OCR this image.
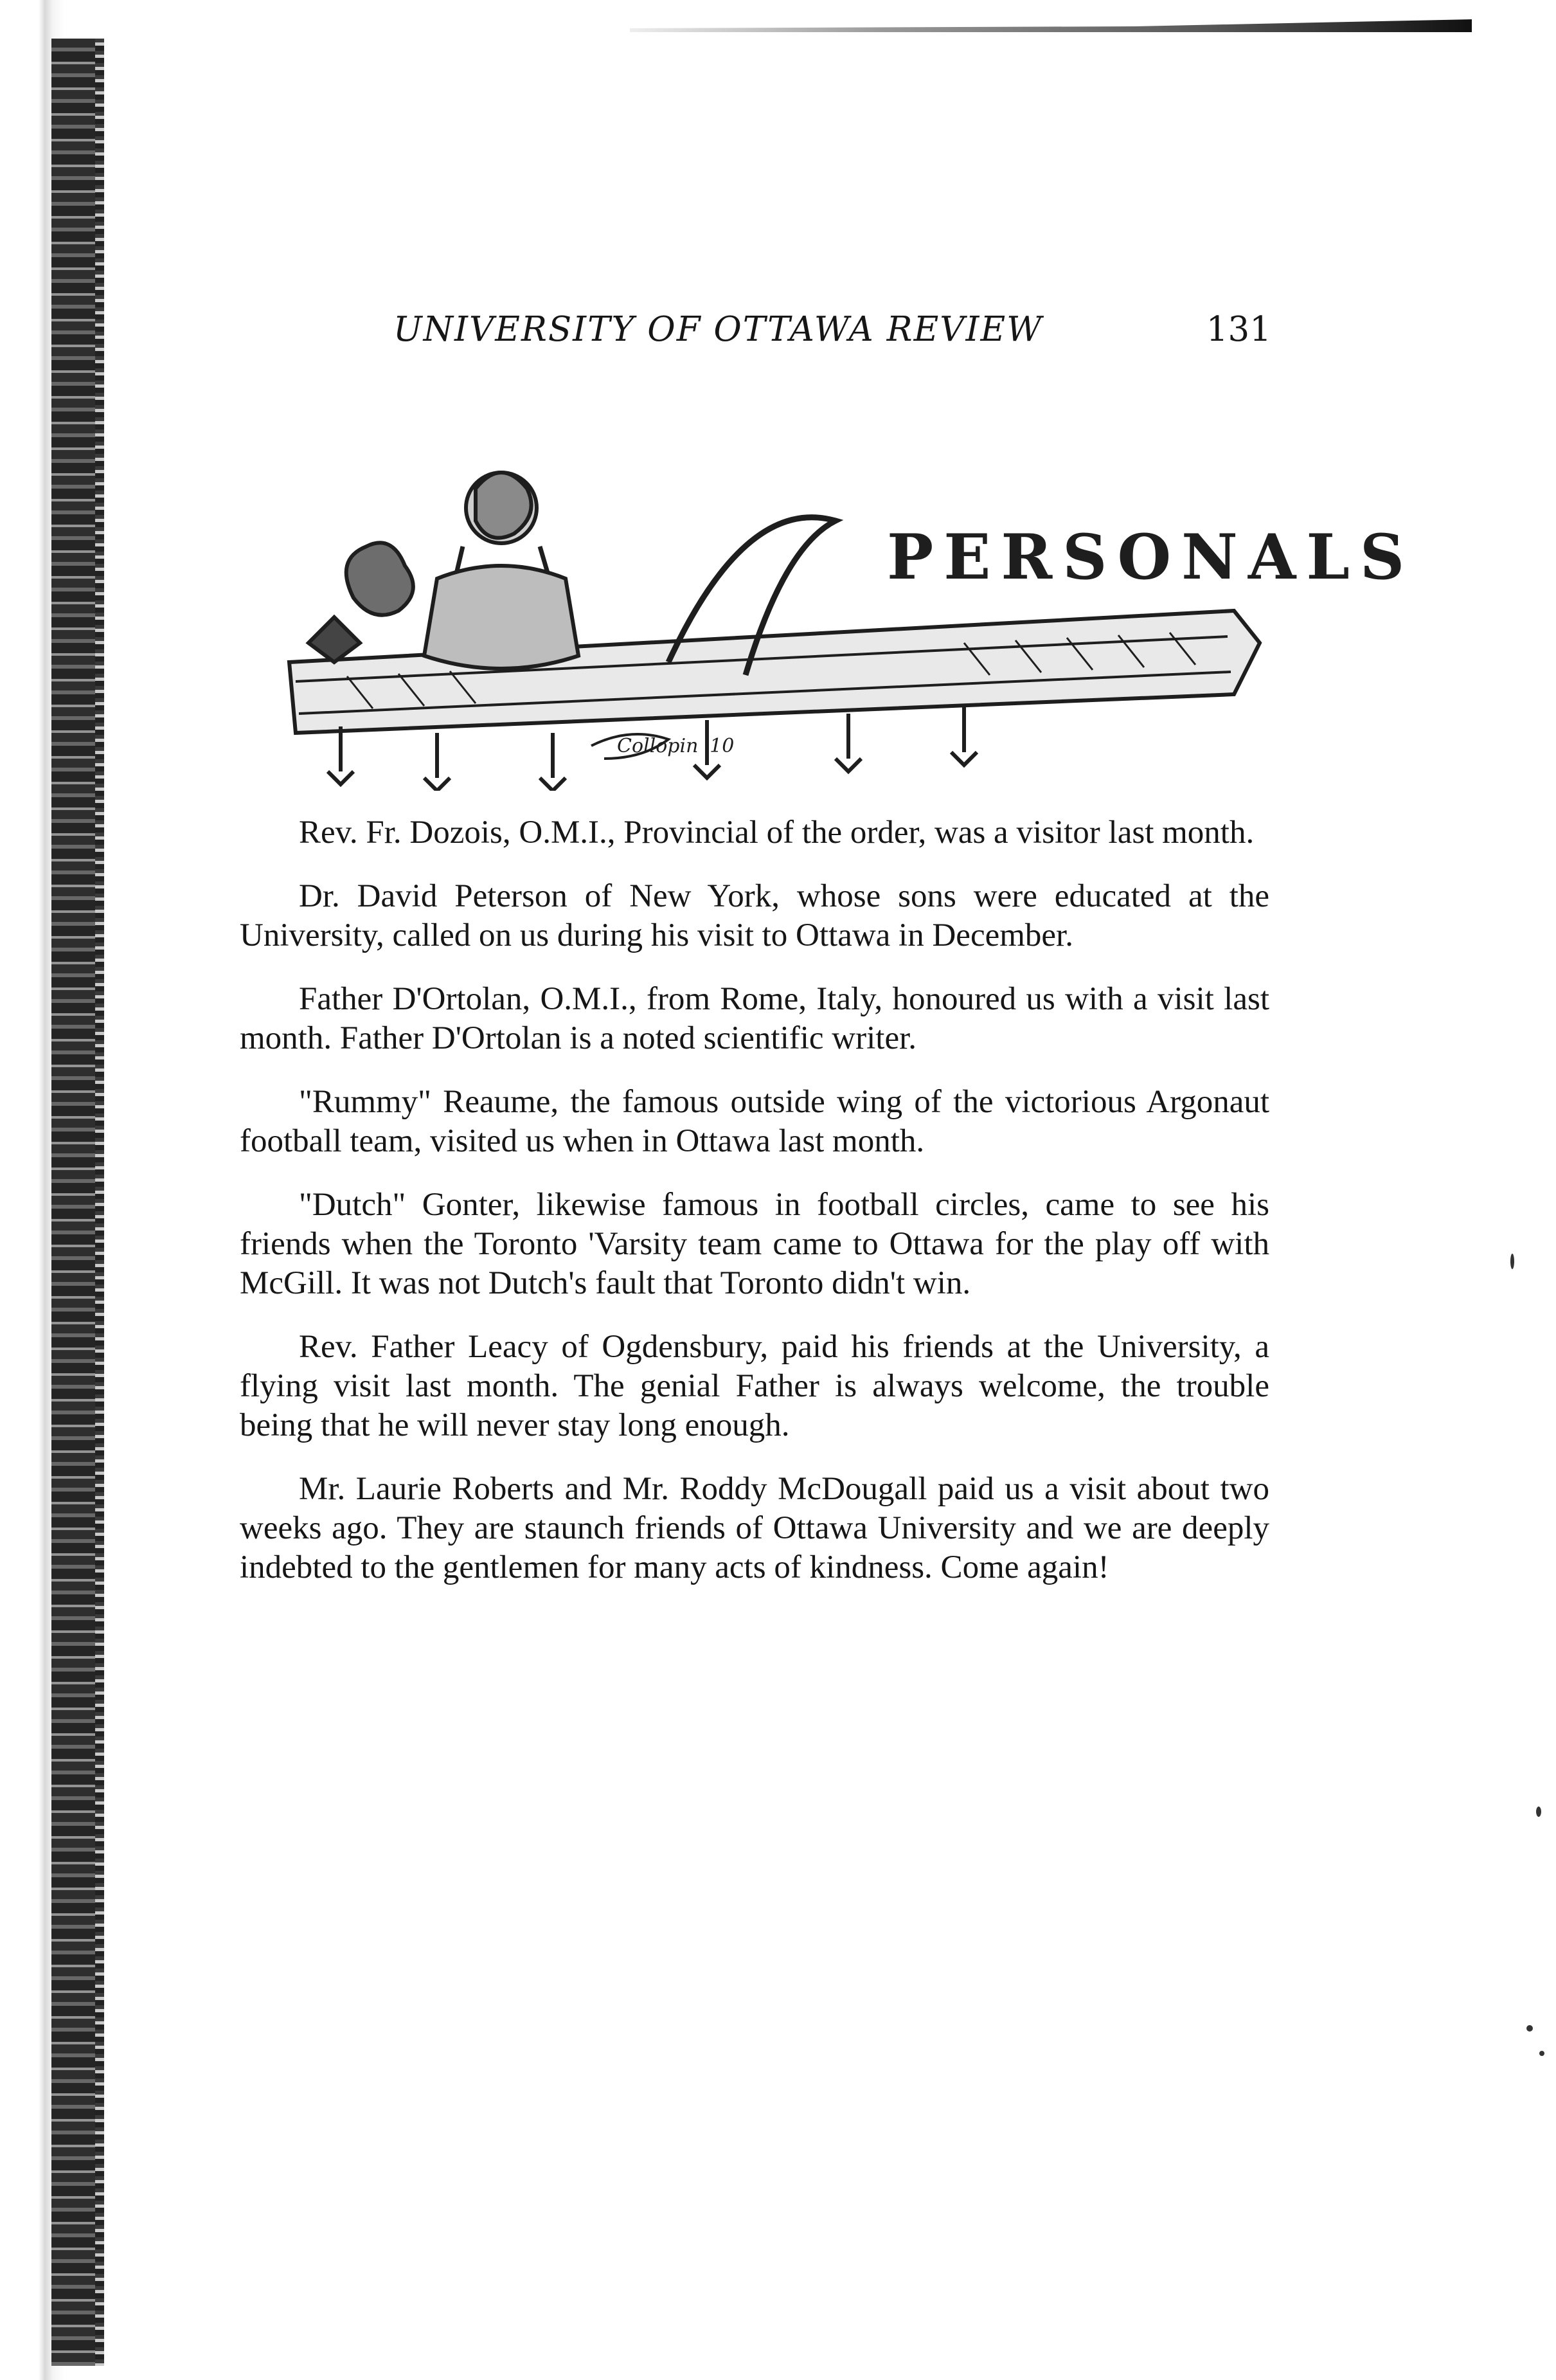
UNIVERSITY OF OTTAWA REVIEW	131
Collopin '10
PERSONALS

Rev. Fr. Dozois, O.M.I., Provincial of the order, was a visitor last month.

Dr. David Peterson of New York, whose sons were educated at the University, called on us during his visit to Ottawa in December.

Father D'Ortolan, O.M.I., from Rome, Italy, honoured us with a visit last month. Father D'Ortolan is a noted scientific writer.

"Rummy" Reaume, the famous outside wing of the victorious Argonaut football team, visited us when in Ottawa last month.

"Dutch" Gonter, likewise famous in football circles, came to see his friends when the Toronto 'Varsity team came to Ottawa for the play off with McGill. It was not Dutch's fault that Toronto didn't win.

Rev. Father Leacy of Ogdensbury, paid his friends at the University, a flying visit last month. The genial Father is always welcome, the trouble being that he will never stay long enough.

Mr. Laurie Roberts and Mr. Roddy McDougall paid us a visit about two weeks ago. They are staunch friends of Ottawa University and we are deeply indebted to the gentlemen for many acts of kindness. Come again!
